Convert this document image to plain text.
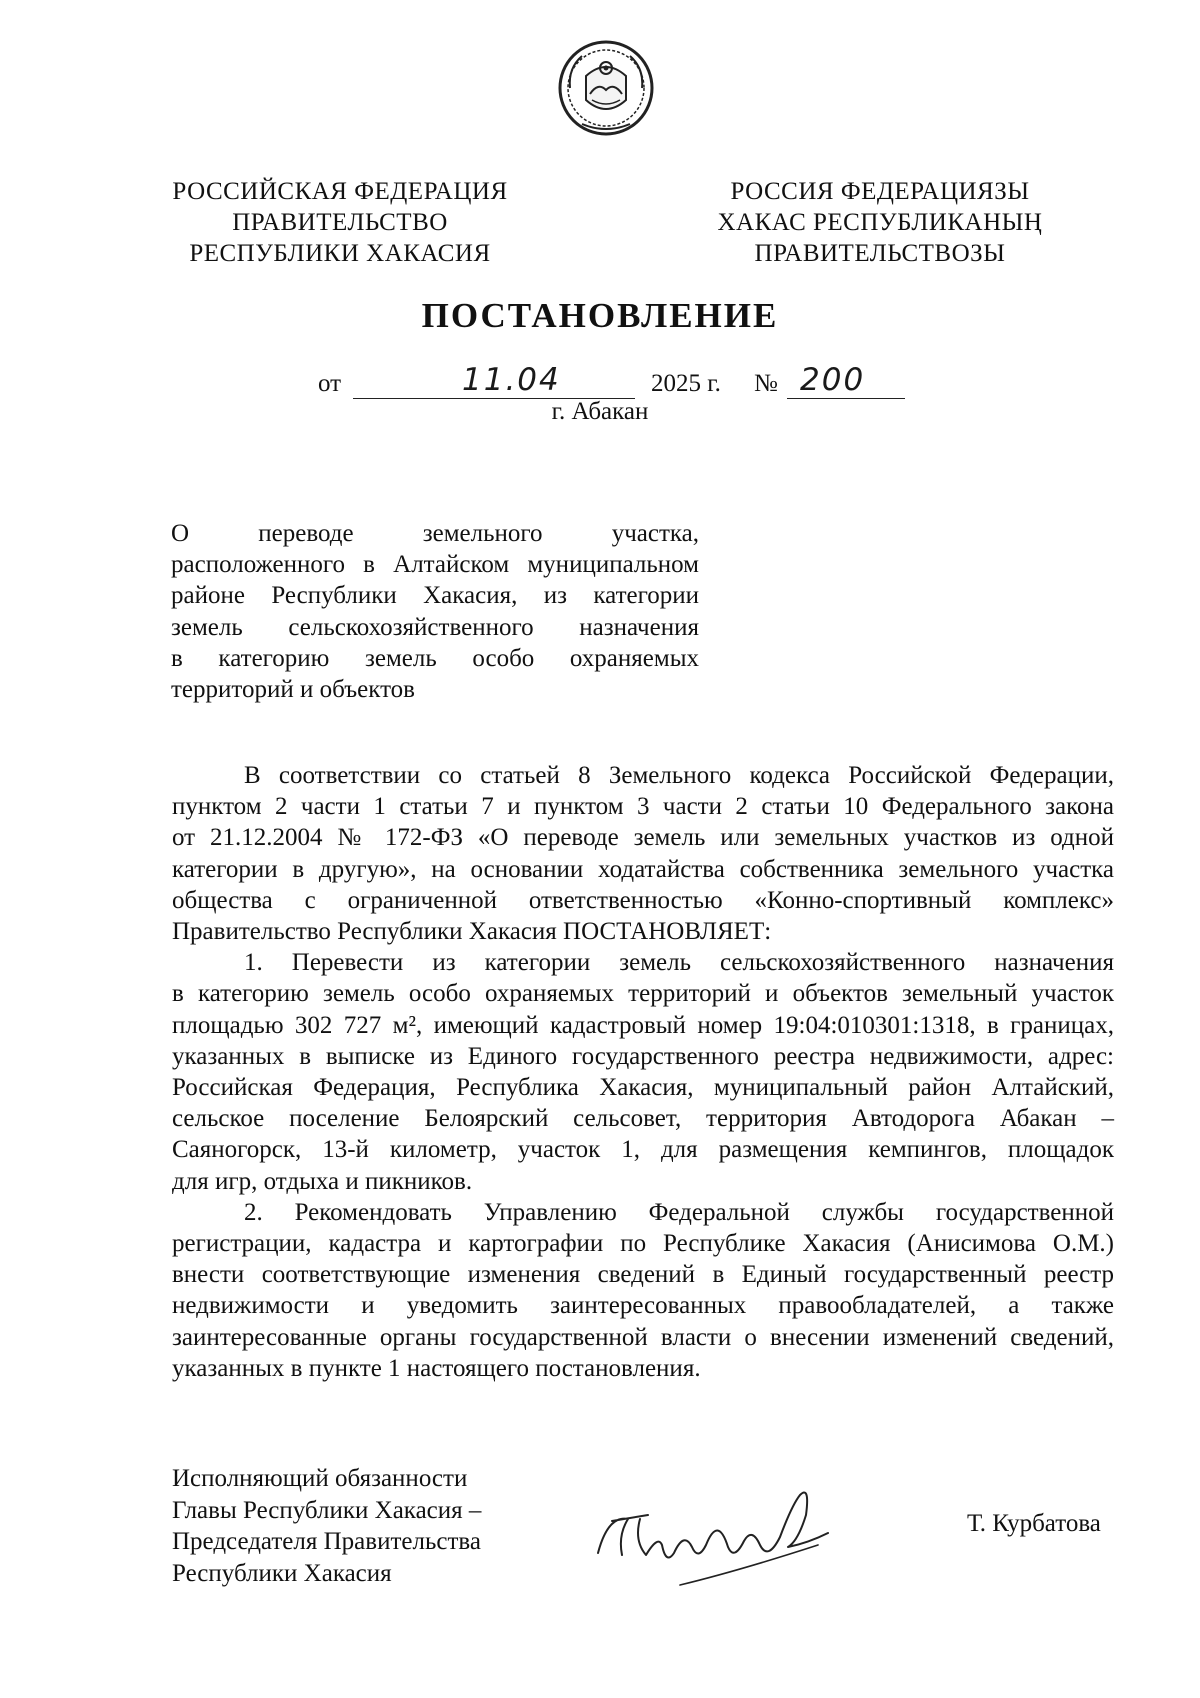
РОССИЙСКАЯ ФЕДЕРАЦИЯ
ПРАВИТЕЛЬСТВО
РЕСПУБЛИКИ ХАКАСИЯ
РОССИЯ ФЕДЕРАЦИЯЗЫ
ХАКАС РЕСПУБЛИКАНЫҢ
ПРАВИТЕЛЬСТВОЗЫ
ПОСТАНОВЛЕНИЕ
от	11.04	2025 г. № 200
г. Абакан
О переводе земельного участка,
расположенного в Алтайском муниципальном
районе Республики Хакасия, из категории
земель сельскохозяйственного назначения
в категорию земель особо охраняемых
территорий и объектов
В соответствии со статьей 8 Земельного кодекса Российской Федерации,
пунктом 2 части 1 статьи 7 и пунктом 3 части 2 статьи 10 Федерального закона
от 21.12.2004 № 172-ФЗ «О переводе земель или земельных участков из одной
категории в другую», на основании ходатайства собственника земельного участка
общества с ограниченной ответственностью «Конно-спортивный комплекс»
Правительство Республики Хакасия ПОСТАНОВЛЯЕТ:
1. Перевести из категории земель сельскохозяйственного назначения
в категорию земель особо охраняемых территорий и объектов земельный участок
площадью 302 727 м², имеющий кадастровый номер 19:04:010301:1318, в границах,
указанных в выписке из Единого государственного реестра недвижимости, адрес:
Российская Федерация, Республика Хакасия, муниципальный район Алтайский,
сельское поселение Белоярский сельсовет, территория Автодорога Абакан –
Саяногорск, 13-й километр, участок 1, для размещения кемпингов, площадок
для игр, отдыха и пикников.
2. Рекомендовать Управлению Федеральной службы государственной
регистрации, кадастра и картографии по Республике Хакасия (Анисимова О.М.)
внести соответствующие изменения сведений в Единый государственный реестр
недвижимости и уведомить заинтересованных правообладателей, а также
заинтересованные органы государственной власти о внесении изменений сведений,
указанных в пункте 1 настоящего постановления.
Исполняющий обязанности
Главы Республики Хакасия –
Председателя Правительства
Республики Хакасия
Т. Курбатова
